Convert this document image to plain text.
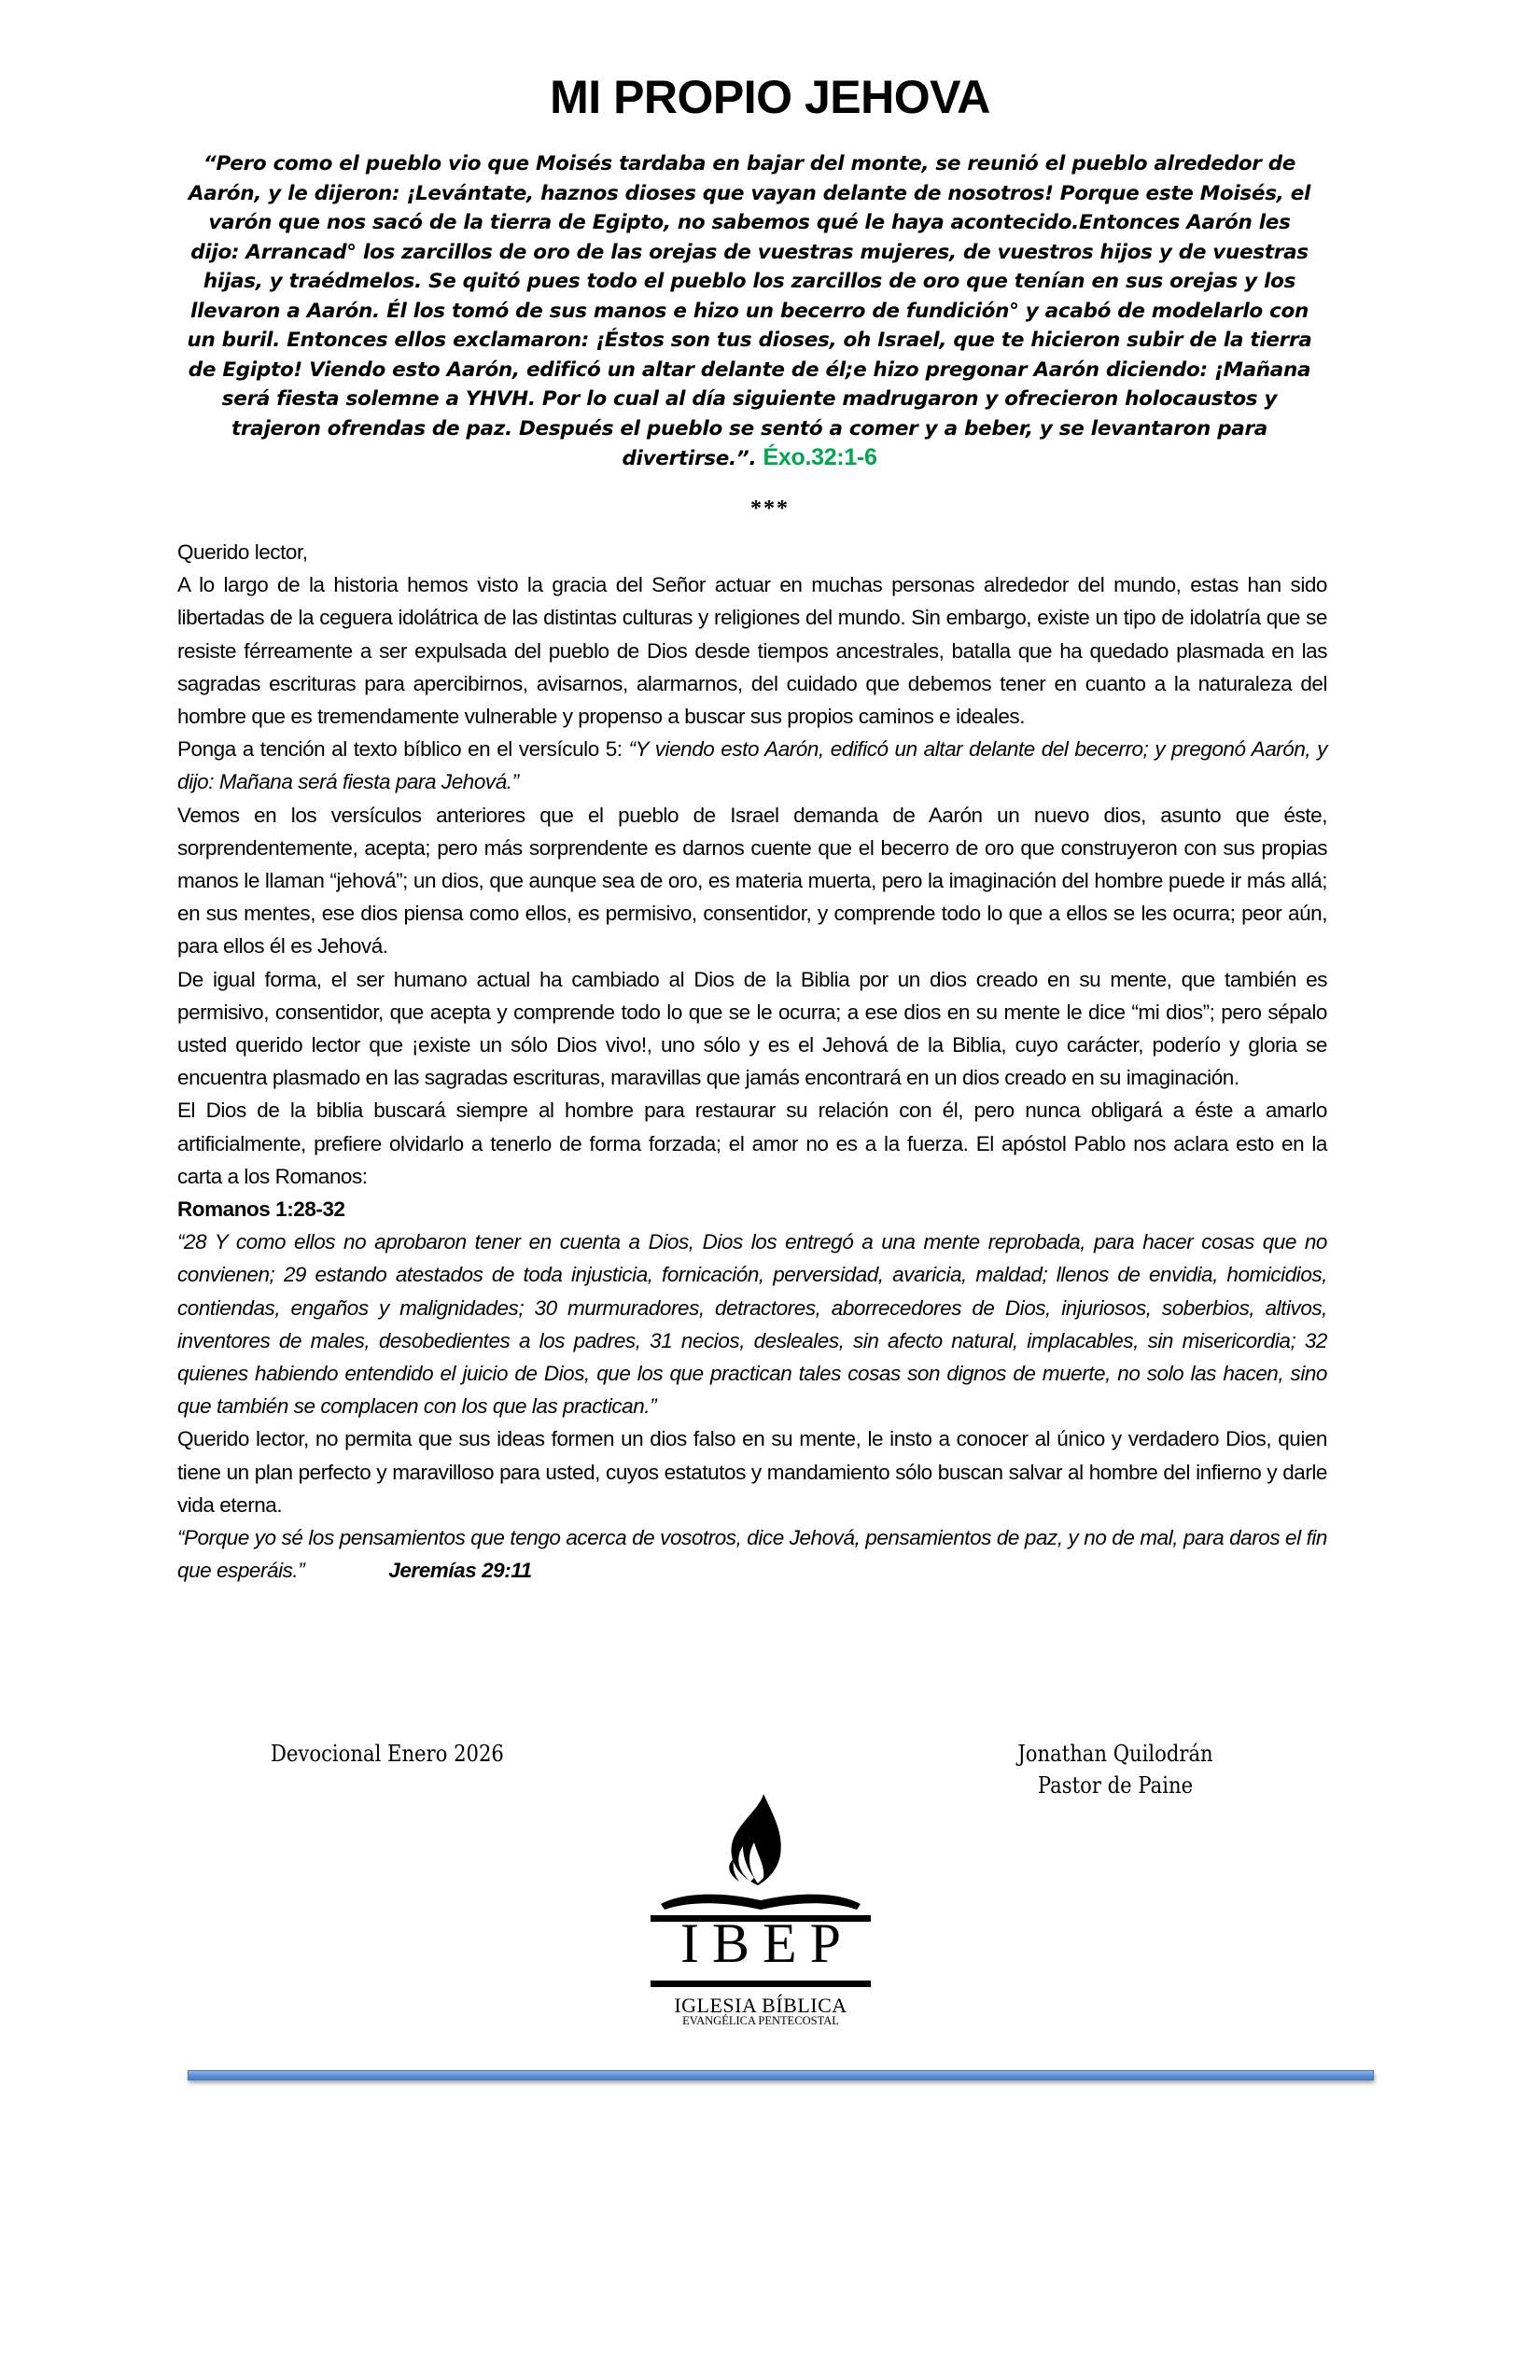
MI PROPIO JEHOVA
“Pero como el pueblo vio que Moisés tardaba en bajar del monte, se reunió el pueblo alrededor de Aarón, y le dijeron: ¡Levántate, haznos dioses que vayan delante de nosotros! Porque este Moisés, el varón que nos sacó de la tierra de Egipto, no sabemos qué le haya acontecido.Entonces Aarón les dijo: Arrancad° los zarcillos de oro de las orejas de vuestras mujeres, de vuestros hijos y de vuestras hijas, y traédmelos. Se quitó pues todo el pueblo los zarcillos de oro que tenían en sus orejas y los llevaron a Aarón. Él los tomó de sus manos e hizo un becerro de fundición° y acabó de modelarlo con un buril. Entonces ellos exclamaron: ¡Éstos son tus dioses, oh Israel, que te hicieron subir de la tierra de Egipto! Viendo esto Aarón, edificó un altar delante de él;e hizo pregonar Aarón diciendo: ¡Mañana será fiesta solemne a YHVH. Por lo cual al día siguiente madrugaron y ofrecieron holocaustos y trajeron ofrendas de paz. Después el pueblo se sentó a comer y a beber, y se levantaron para divertirse.”. Éxo.32:1-6
***

Querido lector,

A lo largo de la historia hemos visto la gracia del Señor actuar en muchas personas alrededor del mundo, estas han sido libertadas de la ceguera idolátrica de las distintas culturas y religiones del mundo. Sin embargo, existe un tipo de idolatría que se resiste férreamente a ser expulsada del pueblo de Dios desde tiempos ancestrales, batalla que ha quedado plasmada en las sagradas escrituras para apercibirnos, avisarnos, alarmarnos, del cuidado que debemos tener en cuanto a la naturaleza del hombre que es tremendamente vulnerable y propenso a buscar sus propios caminos e ideales.

Ponga a tención al texto bíblico en el versículo 5: “Y viendo esto Aarón, edificó un altar delante del becerro; y pregonó Aarón, y dijo: Mañana será fiesta para Jehová.”

Vemos en los versículos anteriores que el pueblo de Israel demanda de Aarón un nuevo dios, asunto que éste, sorprendentemente, acepta; pero más sorprendente es darnos cuente que el becerro de oro que construyeron con sus propias manos le llaman “jehová”; un dios, que aunque sea de oro, es materia muerta, pero la imaginación del hombre puede ir más allá; en sus mentes, ese dios piensa como ellos, es permisivo, consentidor, y comprende todo lo que a ellos se les ocurra; peor aún, para ellos él es Jehová.

De igual forma, el ser humano actual ha cambiado al Dios de la Biblia por un dios creado en su mente, que también es permisivo, consentidor, que acepta y comprende todo lo que se le ocurra; a ese dios en su mente le dice “mi dios”; pero sépalo usted querido lector que ¡existe un sólo Dios vivo!, uno sólo y es el Jehová de la Biblia, cuyo carácter, poderío y gloria se encuentra plasmado en las sagradas escrituras, maravillas que jamás encontrará en un dios creado en su imaginación.

El Dios de la biblia buscará siempre al hombre para restaurar su relación con él, pero nunca obligará a éste a amarlo artificialmente, prefiere olvidarlo a tenerlo de forma forzada; el amor no es a la fuerza. El apóstol Pablo nos aclara esto en la carta a los Romanos:

Romanos 1:28-32

“28 Y como ellos no aprobaron tener en cuenta a Dios, Dios los entregó a una mente reprobada, para hacer cosas que no convienen; 29 estando atestados de toda injusticia, fornicación, perversidad, avaricia, maldad; llenos de envidia, homicidios, contiendas, engaños y malignidades; 30 murmuradores, detractores, aborrecedores de Dios, injuriosos, soberbios, altivos, inventores de males, desobedientes a los padres, 31 necios, desleales, sin afecto natural, implacables, sin misericordia; 32 quienes habiendo entendido el juicio de Dios, que los que practican tales cosas son dignos de muerte, no solo las hacen, sino que también se complacen con los que las practican.”

Querido lector, no permita que sus ideas formen un dios falso en su mente, le insto a conocer al único y verdadero Dios, quien tiene un plan perfecto y maravilloso para usted, cuyos estatutos y mandamiento sólo buscan salvar al hombre del infierno y darle vida eterna.

“Porque yo sé los pensamientos que tengo acerca de vosotros, dice Jehová, pensamientos de paz, y no de mal, para daros el fin que esperáis.”	Jeremías 29:11

Devocional Enero 2026	Jonathan Quilodrán
Pastor de Paine
IBEP
IGLESIA BÍBLICA
EVANGÉLICA PENTECOSTAL
